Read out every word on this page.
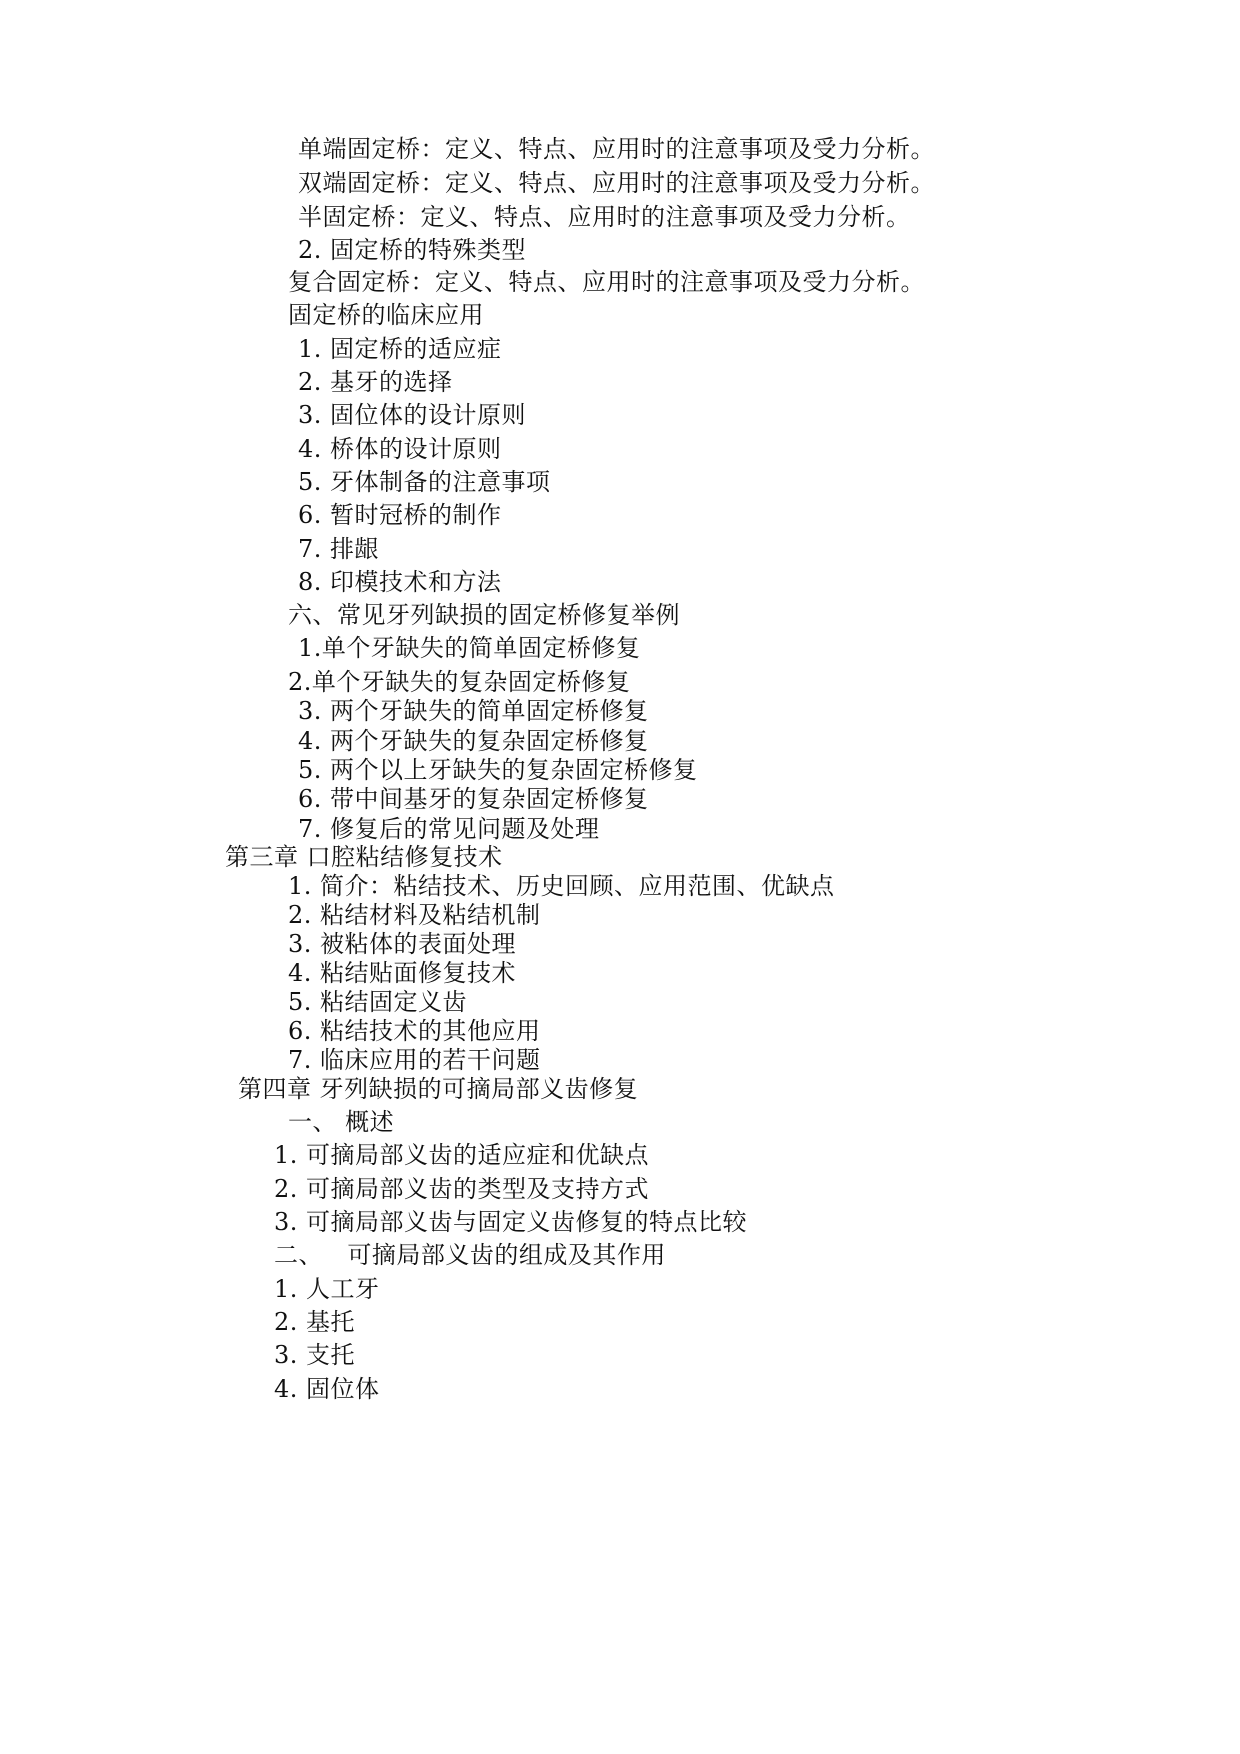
单端固定桥：定义、特点、应用时的注意事项及受力分析。
双端固定桥：定义、特点、应用时的注意事项及受力分析。
半固定桥：定义、特点、应用时的注意事项及受力分析。
2. 固定桥的特殊类型
复合固定桥：定义、特点、应用时的注意事项及受力分析。
固定桥的临床应用
1. 固定桥的适应症
2. 基牙的选择
3. 固位体的设计原则
4. 桥体的设计原则
5. 牙体制备的注意事项
6. 暂时冠桥的制作
7. 排龈
8. 印模技术和方法
六、常见牙列缺损的固定桥修复举例
1.单个牙缺失的简单固定桥修复
2.单个牙缺失的复杂固定桥修复
3. 两个牙缺失的简单固定桥修复
4. 两个牙缺失的复杂固定桥修复
5. 两个以上牙缺失的复杂固定桥修复
6. 带中间基牙的复杂固定桥修复
7. 修复后的常见问题及处理
第三章 口腔粘结修复技术
1. 简介：粘结技术、历史回顾、应用范围、优缺点
2. 粘结材料及粘结机制
3. 被粘体的表面处理
4. 粘结贴面修复技术
5. 粘结固定义齿
6. 粘结技术的其他应用
7. 临床应用的若干问题
第四章 牙列缺损的可摘局部义齿修复
一、 概述
1. 可摘局部义齿的适应症和优缺点
2. 可摘局部义齿的类型及支持方式
3. 可摘局部义齿与固定义齿修复的特点比较
二、   可摘局部义齿的组成及其作用
1. 人工牙
2. 基托
3. 支托
4. 固位体
